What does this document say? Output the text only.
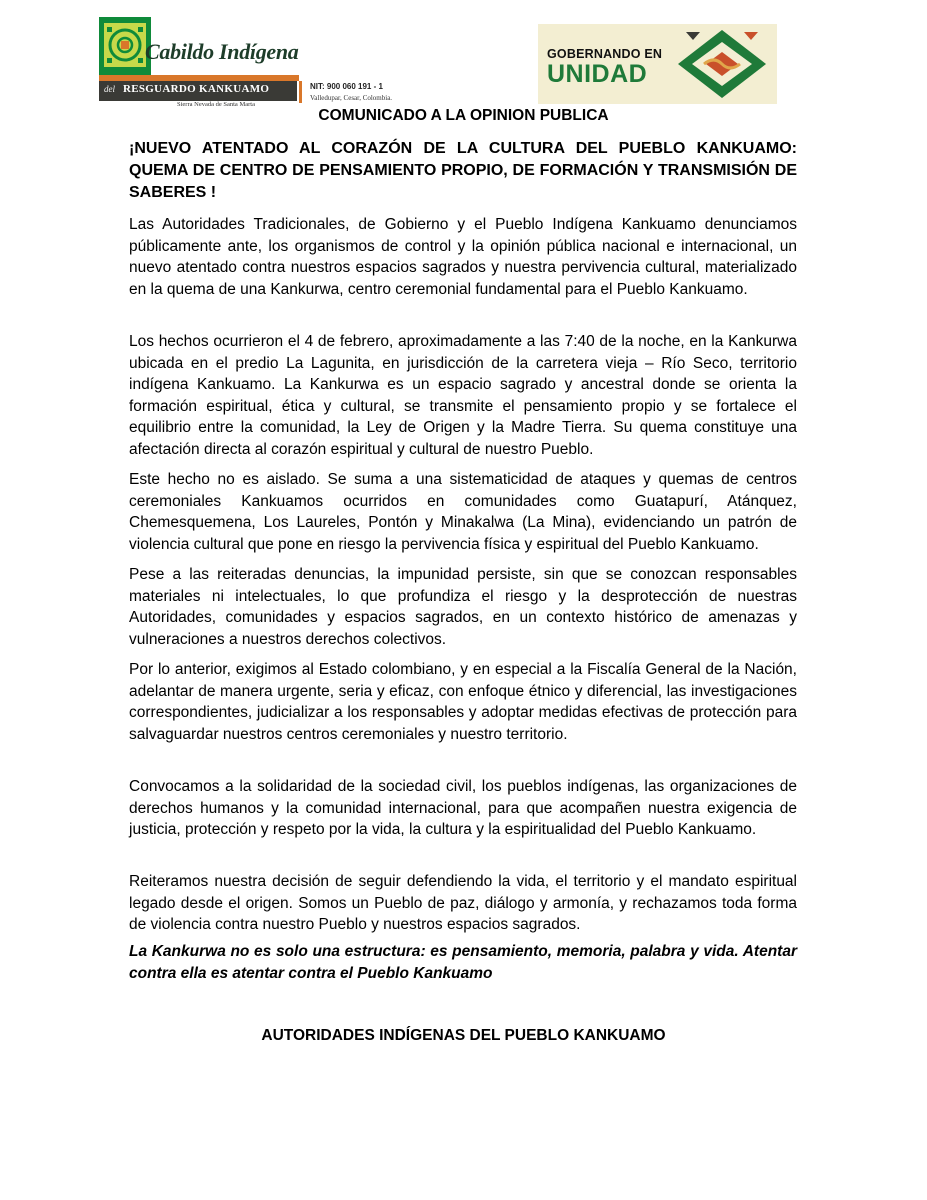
Cabildo Indígena
del RESGUARDO KANKUAMO
Sierra Nevada de Santa Marta
NIT: 900 060 191 - 1
Valledupar, Cesar, Colombia.
GOBERNANDO EN
UNIDAD
COMUNICADO A LA OPINION PUBLICA
¡NUEVO ATENTADO AL CORAZÓN DE LA CULTURA DEL PUEBLO KANKUAMO: QUEMA DE CENTRO DE PENSAMIENTO PROPIO, DE FORMACIÓN Y TRANSMISIÓN DE SABERES !

Las Autoridades Tradicionales, de Gobierno y el Pueblo Indígena Kankuamo denunciamos públicamente ante, los organismos de control y la opinión pública nacional e internacional, un nuevo atentado contra nuestros espacios sagrados y nuestra pervivencia cultural, materializado en la quema de una Kankurwa, centro ceremonial fundamental para el Pueblo Kankuamo.

Los hechos ocurrieron el 4 de febrero, aproximadamente a las 7:40 de la noche, en la Kankurwa ubicada en el predio La Lagunita, en jurisdicción de la carretera vieja – Río Seco, territorio indígena Kankuamo. La Kankurwa es un espacio sagrado y ancestral donde se orienta la formación espiritual, ética y cultural, se transmite el pensamiento propio y se fortalece el equilibrio entre la comunidad, la Ley de Origen y la Madre Tierra. Su quema constituye una afectación directa al corazón espiritual y cultural de nuestro Pueblo.

Este hecho no es aislado. Se suma a una sistematicidad de ataques y quemas de centros ceremoniales Kankuamos ocurridos en comunidades como Guatapurí, Atánquez, Chemesquemena, Los Laureles, Pontón y Minakalwa (La Mina), evidenciando un patrón de violencia cultural que pone en riesgo la pervivencia física y espiritual del Pueblo Kankuamo.

Pese a las reiteradas denuncias, la impunidad persiste, sin que se conozcan responsables materiales ni intelectuales, lo que profundiza el riesgo y la desprotección de nuestras Autoridades, comunidades y espacios sagrados, en un contexto histórico de amenazas y vulneraciones a nuestros derechos colectivos.

Por lo anterior, exigimos al Estado colombiano, y en especial a la Fiscalía General de la Nación, adelantar de manera urgente, seria y eficaz, con enfoque étnico y diferencial, las investigaciones correspondientes, judicializar a los responsables y adoptar medidas efectivas de protección para salvaguardar nuestros centros ceremoniales y nuestro territorio.

Convocamos a la solidaridad de la sociedad civil, los pueblos indígenas, las organizaciones de derechos humanos y la comunidad internacional, para que acompañen nuestra exigencia de justicia, protección y respeto por la vida, la cultura y la espiritualidad del Pueblo Kankuamo.

Reiteramos nuestra decisión de seguir defendiendo la vida, el territorio y el mandato espiritual legado desde el origen. Somos un Pueblo de paz, diálogo y armonía, y rechazamos toda forma de violencia contra nuestro Pueblo y nuestros espacios sagrados.

La Kankurwa no es solo una estructura: es pensamiento, memoria, palabra y vida. Atentar contra ella es atentar contra el Pueblo Kankuamo
AUTORIDADES INDÍGENAS DEL PUEBLO KANKUAMO
